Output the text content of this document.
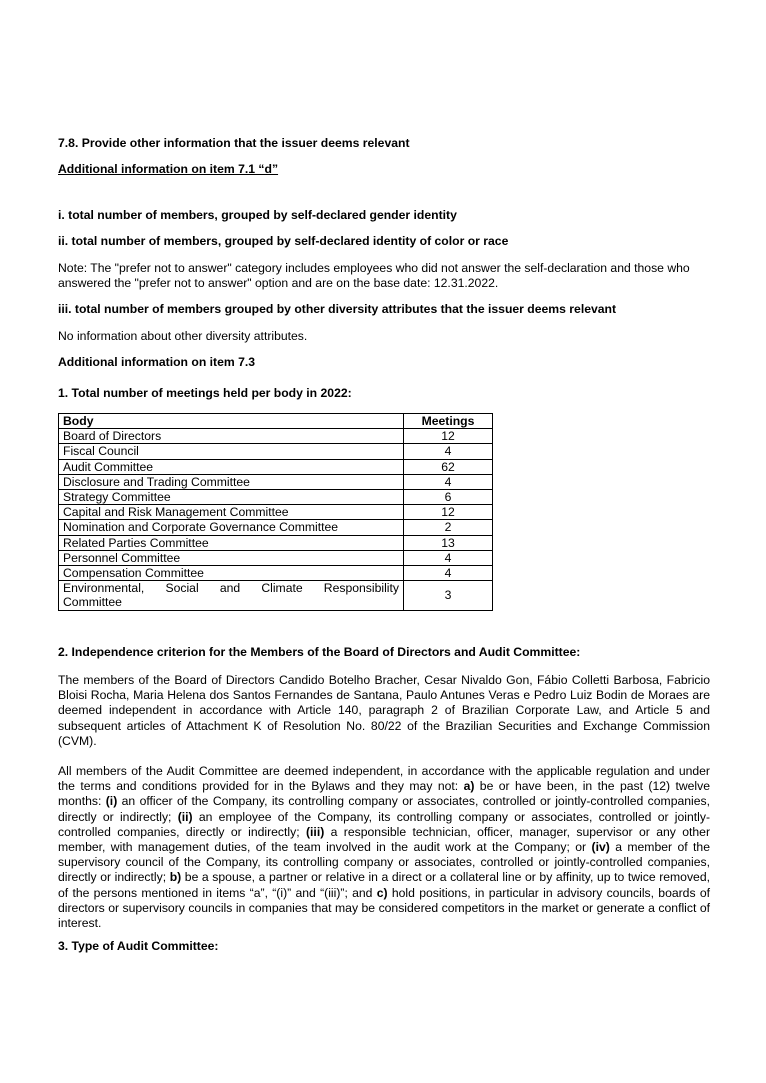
7.8. Provide other information that the issuer deems relevant

Additional information on item 7.1 “d”

i. total number of members, grouped by self-declared gender identity

ii. total number of members, grouped by self-declared identity of color or race

Note: The "prefer not to answer" category includes employees who did not answer the self-declaration and those who answered the "prefer not to answer" option and are on the base date: 12.31.2022.

iii. total number of members grouped by other diversity attributes that the issuer deems relevant

No information about other diversity attributes.

Additional information on item 7.3

1. Total number of meetings held per body in 2022:

Body	Meetings
Board of Directors	12
Fiscal Council	4
Audit Committee	62
Disclosure and Trading Committee	4
Strategy Committee	6
Capital and Risk Management Committee	12
Nomination and Corporate Governance Committee	2
Related Parties Committee	13
Personnel Committee	4
Compensation Committee	4

Environmental, Social and Climate Responsibility
Committee	3

2. Independence criterion for the Members of the Board of Directors and Audit Committee:

The members of the Board of Directors Candido Botelho Bracher, Cesar Nivaldo Gon, Fábio Colletti Barbosa, Fabricio Bloisi Rocha, Maria Helena dos Santos Fernandes de Santana, Paulo Antunes Veras e Pedro Luiz Bodin de Moraes are deemed independent in accordance with Article 140, paragraph 2 of Brazilian Corporate Law, and Article 5 and subsequent articles of Attachment K of Resolution No. 80/22 of the Brazilian Securities and Exchange Commission (CVM).

All members of the Audit Committee are deemed independent, in accordance with the applicable regulation and under the terms and conditions provided for in the Bylaws and they may not: a) be or have been, in the past (12) twelve months: (i) an officer of the Company, its controlling company or associates, controlled or jointly-controlled companies, directly or indirectly; (ii) an employee of the Company, its controlling company or associates, controlled or jointly-controlled companies, directly or indirectly; (iii) a responsible technician, officer, manager, supervisor or any other member, with management duties, of the team involved in the audit work at the Company; or (iv) a member of the supervisory council of the Company, its controlling company or associates, controlled or jointly-controlled companies, directly or indirectly; b) be a spouse, a partner or relative in a direct or a collateral line or by affinity, up to twice removed, of the persons mentioned in items “a”, “(i)” and “(iii)”; and c) hold positions, in particular in advisory councils, boards of directors or supervisory councils in companies that may be considered competitors in the market or generate a conflict of interest.

3. Type of Audit Committee:
